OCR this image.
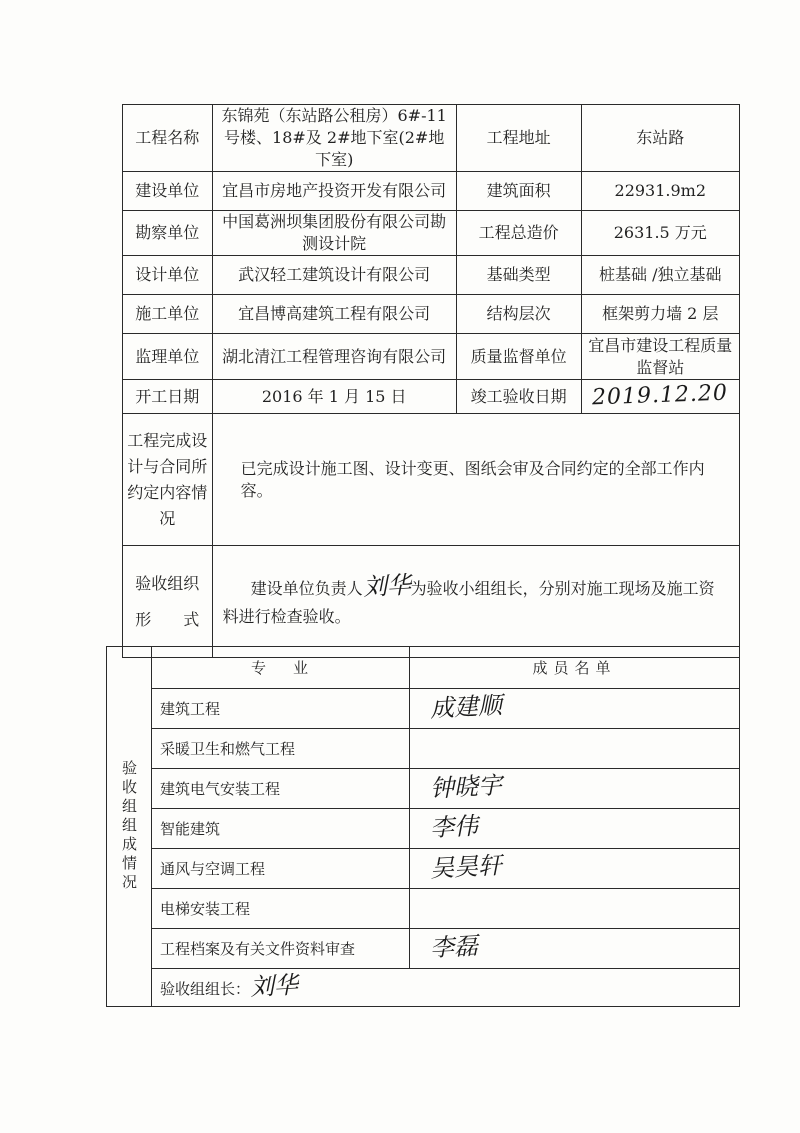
工程名称	东锦苑（东站路公租房）6#-11号楼、18#及 2#地下室(2#地下室)	工程地址	东站路
建设单位	宜昌市房地产投资开发有限公司	建筑面积	22931.9m2
勘察单位	中国葛洲坝集团股份有限公司勘测设计院	工程总造价	2631.5 万元
设计单位	武汉轻工建筑设计有限公司	基础类型	桩基础 /独立基础
施工单位	宜昌博高建筑工程有限公司	结构层次	框架剪力墙 2 层
监理单位	湖北清江工程管理咨询有限公司	质量监督单位	宜昌市建设工程质量监督站
开工日期	2016 年 1 月 15 日	竣工验收日期	2019.12.20
工程完成设计与合同所约定内容情况	已完成设计施工图、设计变更、图纸会审及合同约定的全部工作内容。		

验收组织
形　　式	建设单位负责人刘华为验收小组组长，分别对施工现场及施工资料进行检查验收。		
验收组组成情况	专　业	成员名单
	建筑工程	成建顺
	采暖卫生和燃气工程	
	建筑电气安装工程	钟晓宇
	智能建筑	李伟
	通风与空调工程	吴昊轩
	电梯安装工程	
	工程档案及有关文件资料审查	李磊
	验收组组长：刘华	
